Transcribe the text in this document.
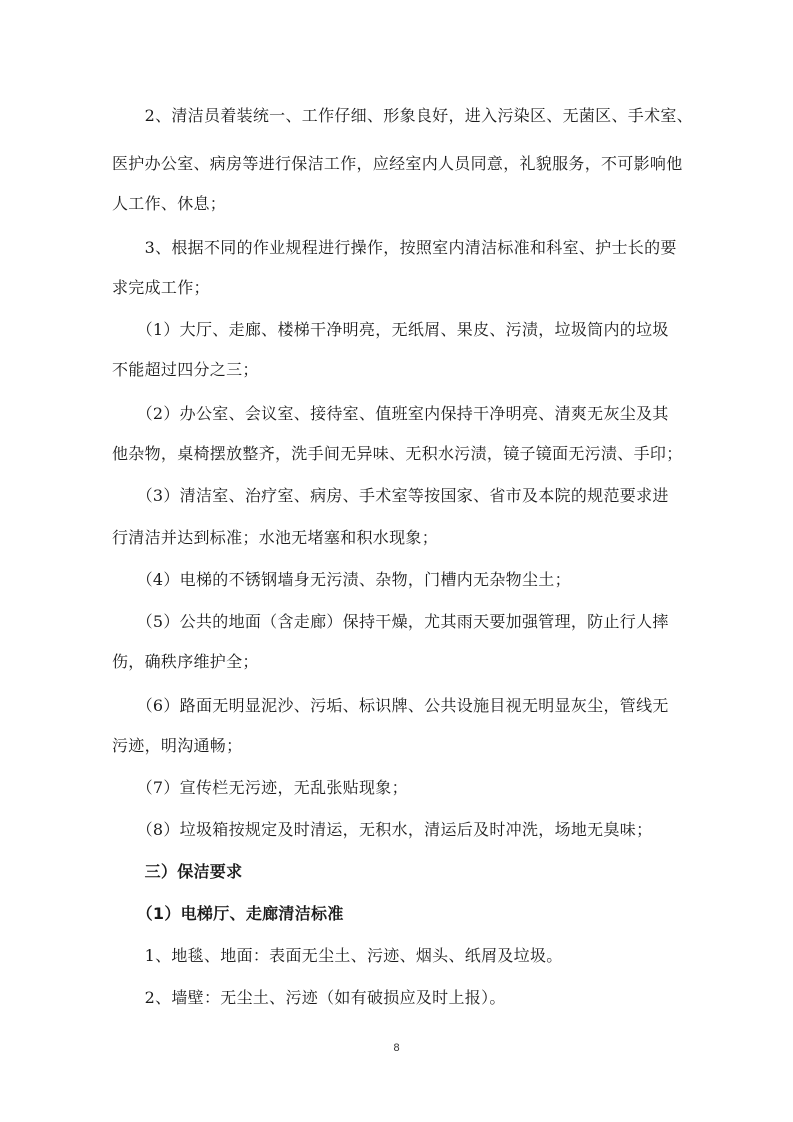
　　2、清洁员着装统一、工作仔细、形象良好，进入污染区、无菌区、手术室、
医护办公室、病房等进行保洁工作，应经室内人员同意，礼貌服务，不可影响他
人工作、休息；
　　3、根据不同的作业规程进行操作，按照室内清洁标准和科室、护士长的要
求完成工作；
　　（1）大厅、走廊、楼梯干净明亮，无纸屑、果皮、污渍，垃圾筒内的垃圾
不能超过四分之三；
　　（2）办公室、会议室、接待室、值班室内保持干净明亮、清爽无灰尘及其
他杂物，桌椅摆放整齐，洗手间无异味、无积水污渍，镜子镜面无污渍、手印；
　　（3）清洁室、治疗室、病房、手术室等按国家、省市及本院的规范要求进
行清洁并达到标准；水池无堵塞和积水现象；
　　（4）电梯的不锈钢墙身无污渍、杂物，门槽内无杂物尘土；
　　（5）公共的地面（含走廊）保持干燥，尤其雨天要加强管理，防止行人摔
伤，确秩序维护全；
　　（6）路面无明显泥沙、污垢、标识牌、公共设施目视无明显灰尘，管线无
污迹，明沟通畅；
　　（7）宣传栏无污迹，无乱张贴现象；
　　（8）垃圾箱按规定及时清运，无积水，清运后及时冲洗，场地无臭味；
　　三）保洁要求
　　（1）电梯厅、走廊清洁标准
　　1、地毯、地面：表面无尘土、污迹、烟头、纸屑及垃圾。
　　2、墙壁：无尘土、污迹（如有破损应及时上报）。
8
